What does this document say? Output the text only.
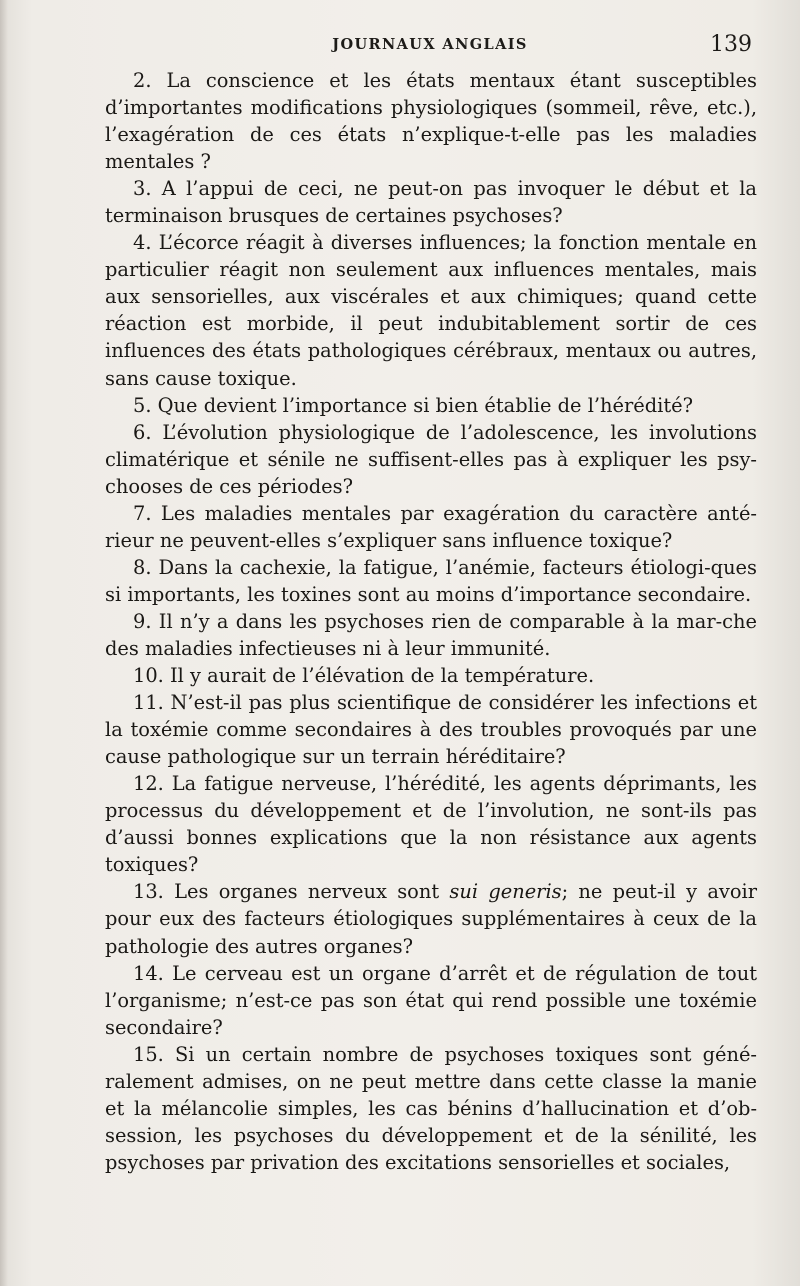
JOURNAUX ANGLAIS	139

2. La conscience et les états mentaux étant susceptibles d’importantes modifications physiologiques (sommeil, rêve, etc.), l’exagération de ces états n’explique-t-elle pas les maladies mentales ?

3. A l’appui de ceci, ne peut-on pas invoquer le début et la terminaison brusques de certaines psychoses?

4. L’écorce réagit à diverses influences; la fonction mentale en particulier réagit non seulement aux influences mentales, mais aux sensorielles, aux viscérales et aux chimiques; quand cette réaction est morbide, il peut indubitablement sortir de ces influences des états pathologiques cérébraux, mentaux ou autres, sans cause toxique.

5. Que devient l’importance si bien établie de l’hérédité?

6. L’évolution physiologique de l’adolescence, les involutions climatérique et sénile ne suffisent-elles pas à expliquer les psy-chooses de ces périodes?

7. Les maladies mentales par exagération du caractère anté-rieur ne peuvent-elles s’expliquer sans influence toxique?

8. Dans la cachexie, la fatigue, l’anémie, facteurs étiologi-ques si importants, les toxines sont au moins d’importance secondaire.

9. Il n’y a dans les psychoses rien de comparable à la mar-che des maladies infectieuses ni à leur immunité.

10. Il y aurait de l’élévation de la température.

11. N’est-il pas plus scientifique de considérer les infections et la toxémie comme secondaires à des troubles provoqués par une cause pathologique sur un terrain héréditaire?

12. La fatigue nerveuse, l’hérédité, les agents déprimants, les processus du développement et de l’involution, ne sont-ils pas d’aussi bonnes explications que la non résistance aux agents toxiques?

13. Les organes nerveux sont sui generis; ne peut-il y avoir pour eux des facteurs étiologiques supplémentaires à ceux de la pathologie des autres organes?

14. Le cerveau est un organe d’arrêt et de régulation de tout l’organisme; n’est-ce pas son état qui rend possible une toxémie secondaire?

15. Si un certain nombre de psychoses toxiques sont géné-ralement admises, on ne peut mettre dans cette classe la manie et la mélancolie simples, les cas bénins d’hallucination et d’ob-session, les psychoses du développement et de la sénilité, les psychoses par privation des excitations sensorielles et sociales,
